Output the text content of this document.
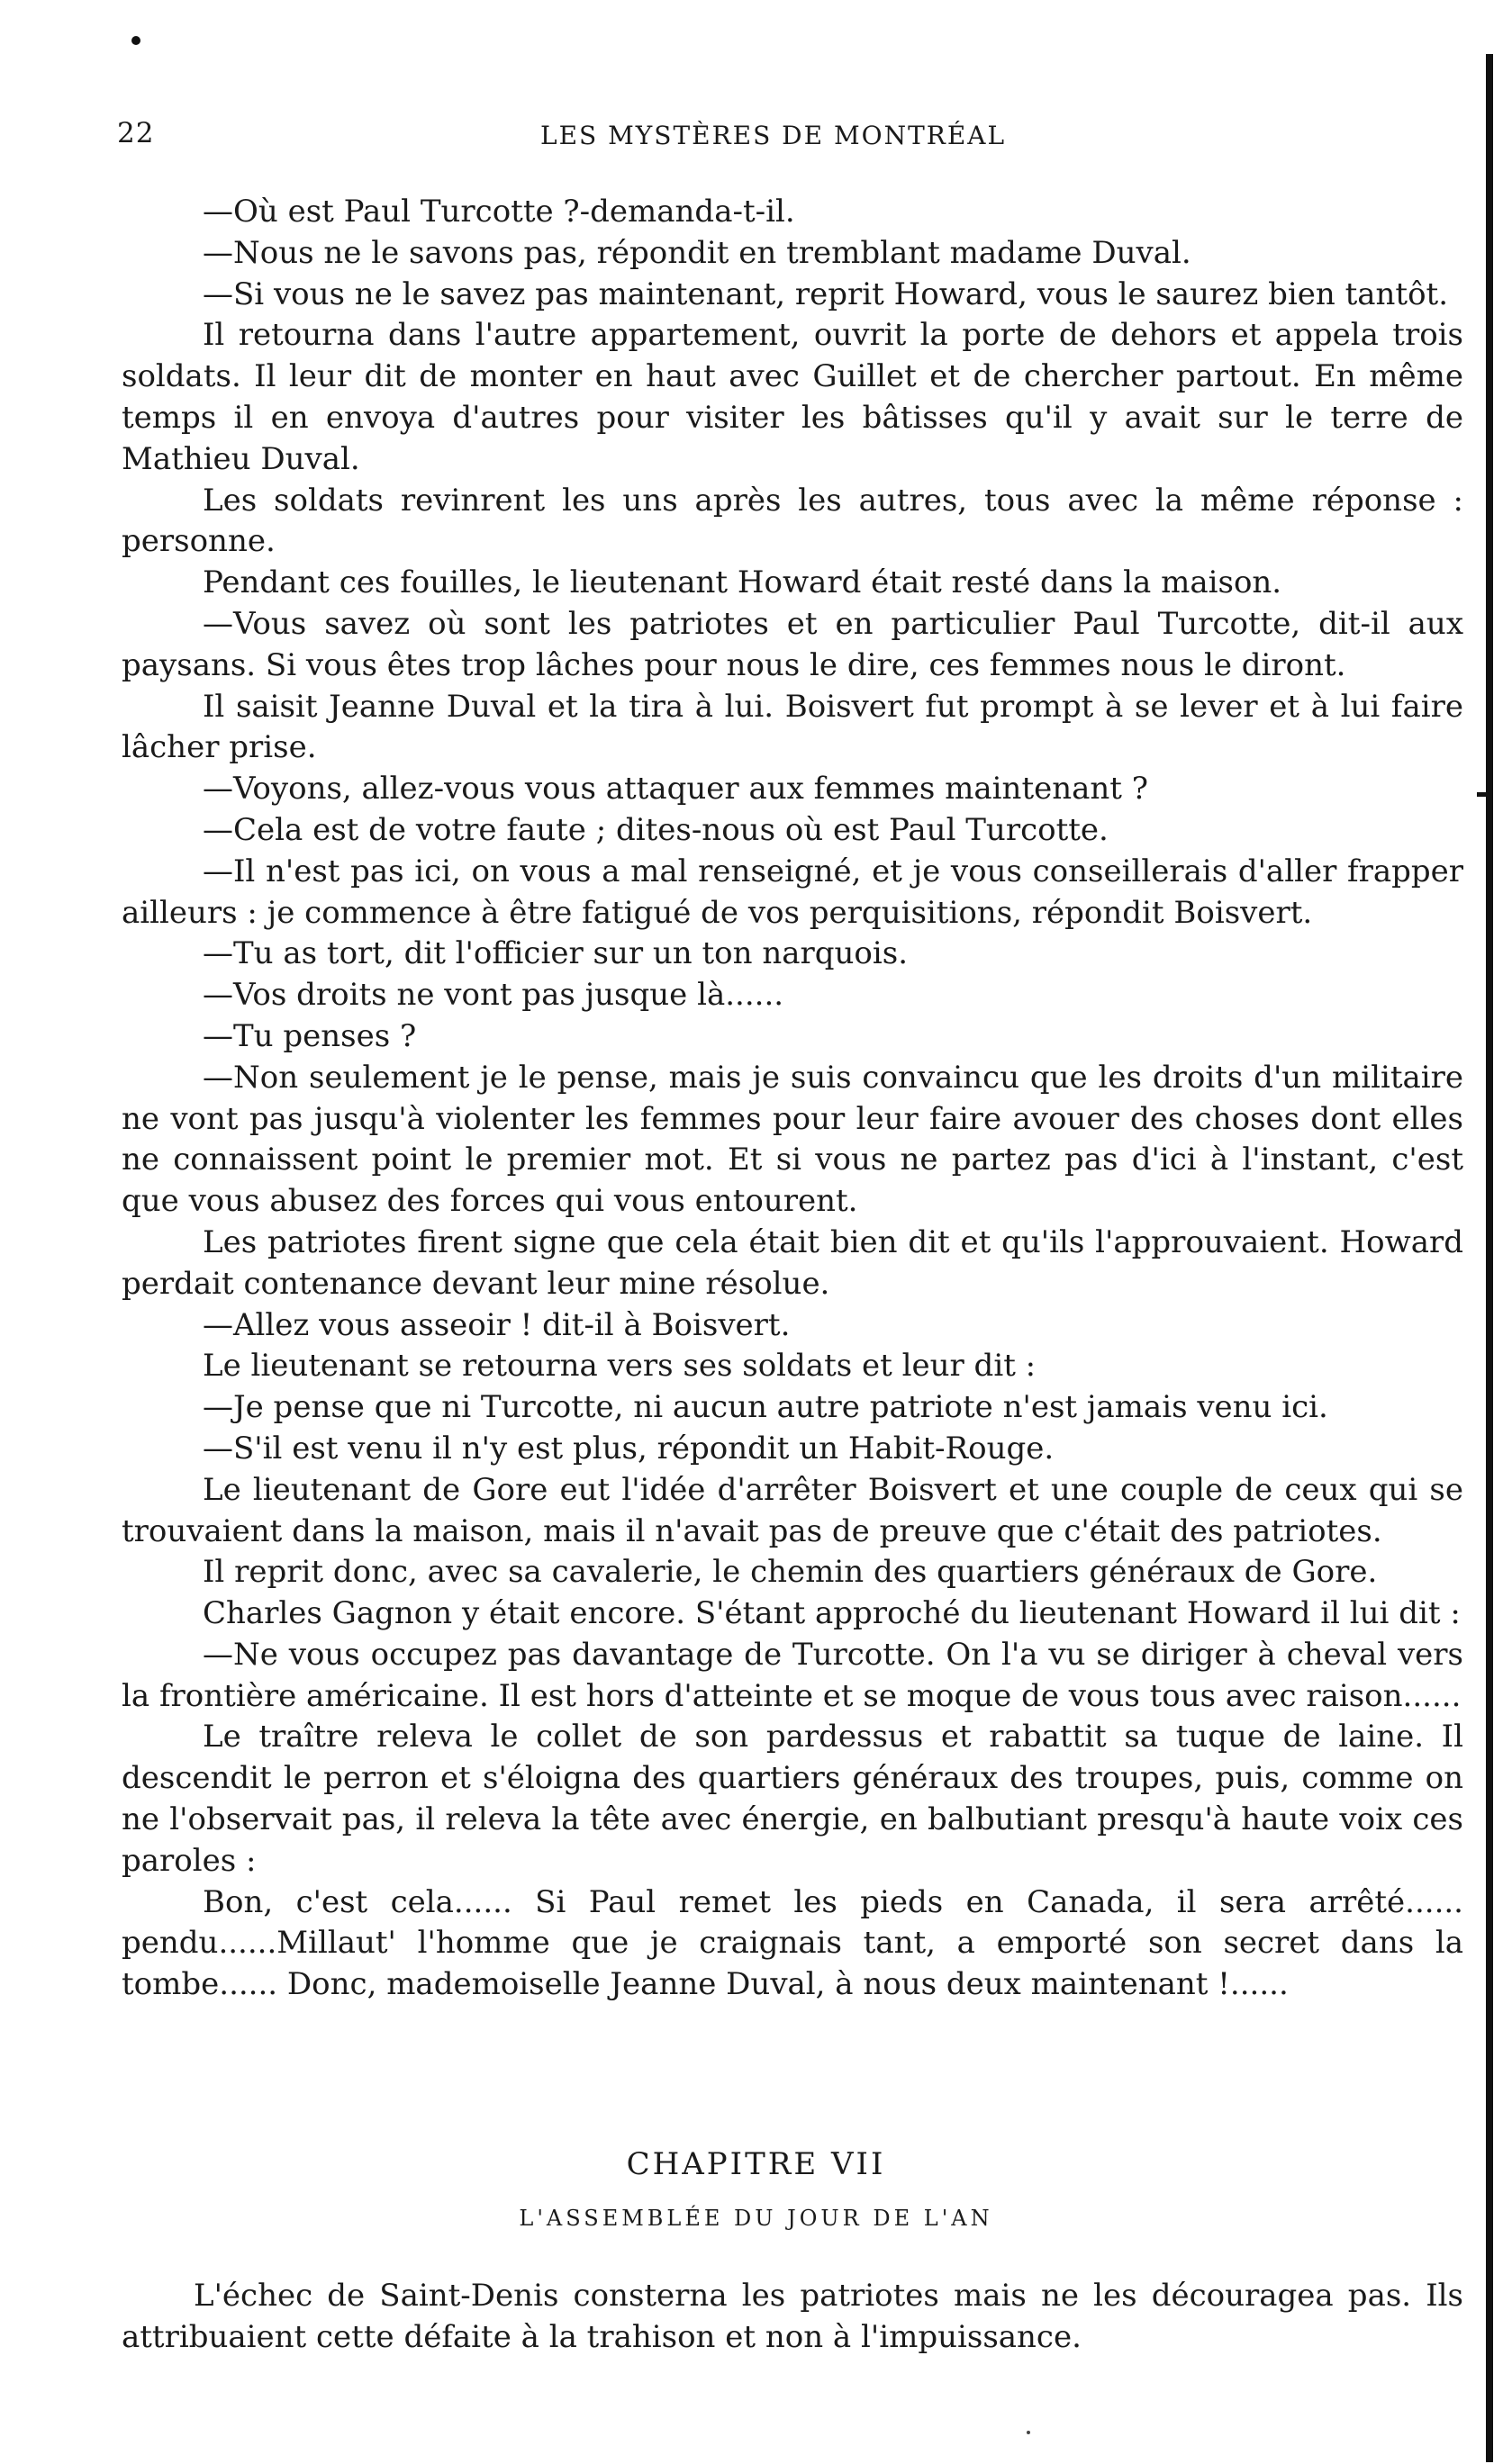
22	LES MYSTÈRES DE MONTRÉAL

—Où est Paul Turcotte ?-demanda-t-il.

—Nous ne le savons pas, répondit en tremblant madame Duval.

—Si vous ne le savez pas maintenant, reprit Howard, vous le saurez bien tantôt.

Il retourna dans l'autre appartement, ouvrit la porte de dehors et appela trois soldats. Il leur dit de monter en haut avec Guillet et de chercher partout. En même temps il en envoya d'autres pour visiter les bâtisses qu'il y avait sur le terre de Mathieu Duval.

Les soldats revinrent les uns après les autres, tous avec la même réponse : personne.

Pendant ces fouilles, le lieutenant Howard était resté dans la maison.

—Vous savez où sont les patriotes et en particulier Paul Turcotte, dit-il aux paysans. Si vous êtes trop lâches pour nous le dire, ces femmes nous le diront.

Il saisit Jeanne Duval et la tira à lui. Boisvert fut prompt à se lever et à lui faire lâcher prise.

—Voyons, allez-vous vous attaquer aux femmes maintenant ?

—Cela est de votre faute ; dites-nous où est Paul Turcotte.

—Il n'est pas ici, on vous a mal renseigné, et je vous conseillerais d'aller frapper ailleurs : je commence à être fatigué de vos perquisitions, répondit Boisvert.

—Tu as tort, dit l'officier sur un ton narquois.

—Vos droits ne vont pas jusque là......

—Tu penses ?

—Non seulement je le pense, mais je suis convaincu que les droits d'un militaire ne vont pas jusqu'à violenter les femmes pour leur faire avouer des choses dont elles ne connaissent point le premier mot. Et si vous ne partez pas d'ici à l'instant, c'est que vous abusez des forces qui vous entourent.

Les patriotes firent signe que cela était bien dit et qu'ils l'approuvaient. Howard perdait contenance devant leur mine résolue.

—Allez vous asseoir ! dit-il à Boisvert.

Le lieutenant se retourna vers ses soldats et leur dit :

—Je pense que ni Turcotte, ni aucun autre patriote n'est jamais venu ici.

—S'il est venu il n'y est plus, répondit un Habit-Rouge.

Le lieutenant de Gore eut l'idée d'arrêter Boisvert et une couple de ceux qui se trouvaient dans la maison, mais il n'avait pas de preuve que c'était des patriotes.

Il reprit donc, avec sa cavalerie, le chemin des quartiers généraux de Gore.

Charles Gagnon y était encore. S'étant approché du lieutenant Howard il lui dit :

—Ne vous occupez pas davantage de Turcotte. On l'a vu se diriger à cheval vers la frontière américaine. Il est hors d'atteinte et se moque de vous tous avec raison......

Le traître releva le collet de son pardessus et rabattit sa tuque de laine. Il descendit le perron et s'éloigna des quartiers généraux des troupes, puis, comme on ne l'observait pas, il releva la tête avec énergie, en balbutiant presqu'à haute voix ces paroles :

Bon, c'est cela...... Si Paul remet les pieds en Canada, il sera arrêté...... pendu......Millaut' l'homme que je craignais tant, a emporté son secret dans la tombe...... Donc, mademoiselle Jeanne Duval, à nous deux maintenant !......

CHAPITRE VII
L'ASSEMBLÉE DU JOUR DE L'AN

L'échec de Saint-Denis consterna les patriotes mais ne les découragea pas. Ils attribuaient cette défaite à la trahison et non à l'impuissance.
